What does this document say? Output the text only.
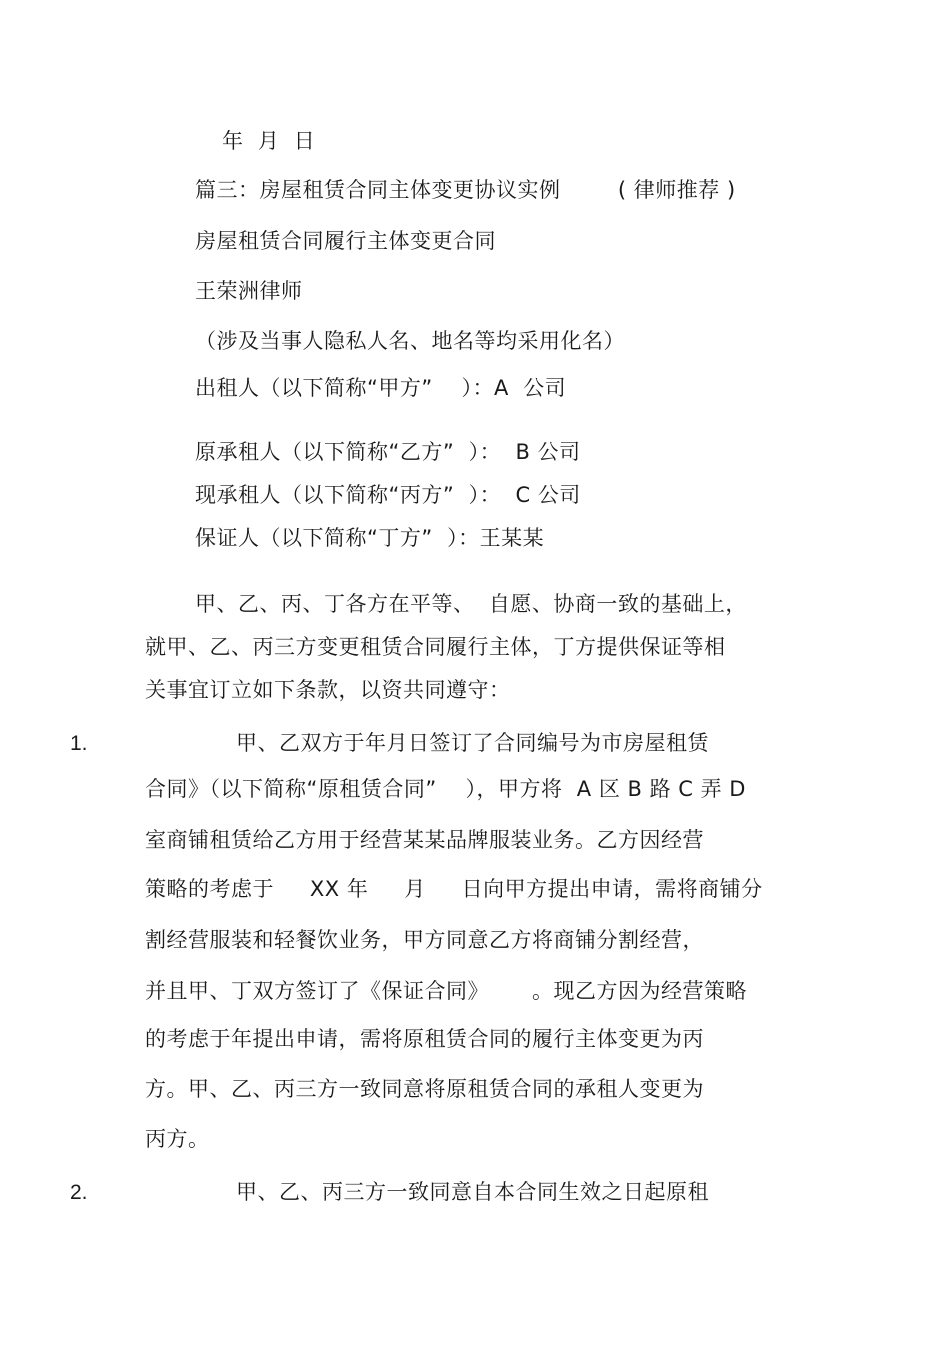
年  月  日
篇三：房屋租赁合同主体变更协议实例        ( 律师推荐 )
房屋租赁合同履行主体变更合同
王荣洲律师
（涉及当事人隐私人名、地名等均采用化名）
出租人（以下简称“甲方”    ）：A  公司
原承租人（以下简称“乙方”  ）：  B 公司
现承租人（以下简称“丙方”  ）：  C 公司
保证人（以下简称“丁方”  ）：王某某
甲、乙、丙、丁各方在平等、  自愿、协商一致的基础上，
就甲、乙、丙三方变更租赁合同履行主体，丁方提供保证等相
关事宜订立如下条款，以资共同遵守：
1.	甲、乙双方于年月日签订了合同编号为市房屋租赁
合同》（以下简称“原租赁合同”    ），甲方将  A 区 B 路 C 弄 D
室商铺租赁给乙方用于经营某某品牌服装业务。乙方因经营
策略的考虑于     XX 年     月     日向甲方提出申请，需将商铺分
割经营服装和轻餐饮业务，甲方同意乙方将商铺分割经营，
并且甲、丁双方签订了《保证合同》      。现乙方因为经营策略
的考虑于年提出申请，需将原租赁合同的履行主体变更为丙
方。甲、乙、丙三方一致同意将原租赁合同的承租人变更为
丙方。
2.	甲、乙、丙三方一致同意自本合同生效之日起原租
